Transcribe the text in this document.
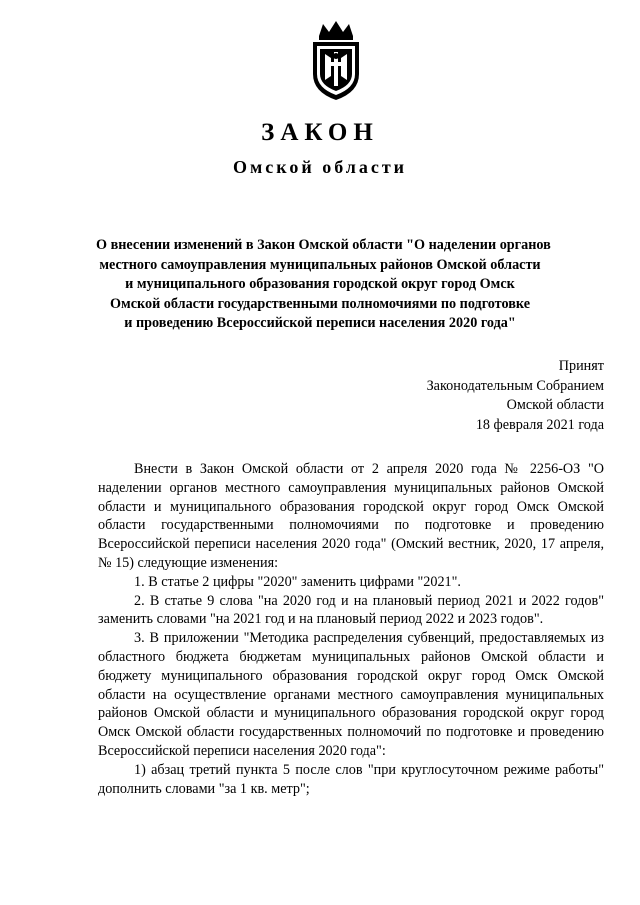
ЗАКОН
Омской области
О внесении изменений в Закон Омской области "О наделении органов
местного самоуправления муниципальных районов Омской области
и муниципального образования городской округ город Омск
Омской области государственными полномочиями по подготовке
и проведению Всероссийской переписи населения 2020 года"
Принят
Законодательным Собранием
Омской области
18 февраля 2021 года

Внести в Закон Омской области от 2 апреля 2020 года № 2256-ОЗ "О наделении органов местного самоуправления муниципальных районов Омской области и муниципального образования городской округ город Омск Омской области государственными полномочиями по подготовке и проведению Всероссийской переписи населения 2020 года" (Омский вестник, 2020, 17 апреля, № 15) следующие изменения:

1. В статье 2 цифры "2020" заменить цифрами "2021".

2. В статье 9 слова "на 2020 год и на плановый период 2021 и 2022 годов" заменить словами "на 2021 год и на плановый период 2022 и 2023 годов".

3. В приложении "Методика распределения субвенций, предоставляемых из областного бюджета бюджетам муниципальных районов Омской области и бюджету муниципального образования городской округ город Омск Омской области на осуществление органами местного самоуправления муниципальных районов Омской области и муниципального образования городской округ город Омск Омской области государственных полномочий по подготовке и проведению Всероссийской переписи населения 2020 года":

1) абзац третий пункта 5 после слов "при круглосуточном режиме работы" дополнить словами "за 1 кв. метр";
